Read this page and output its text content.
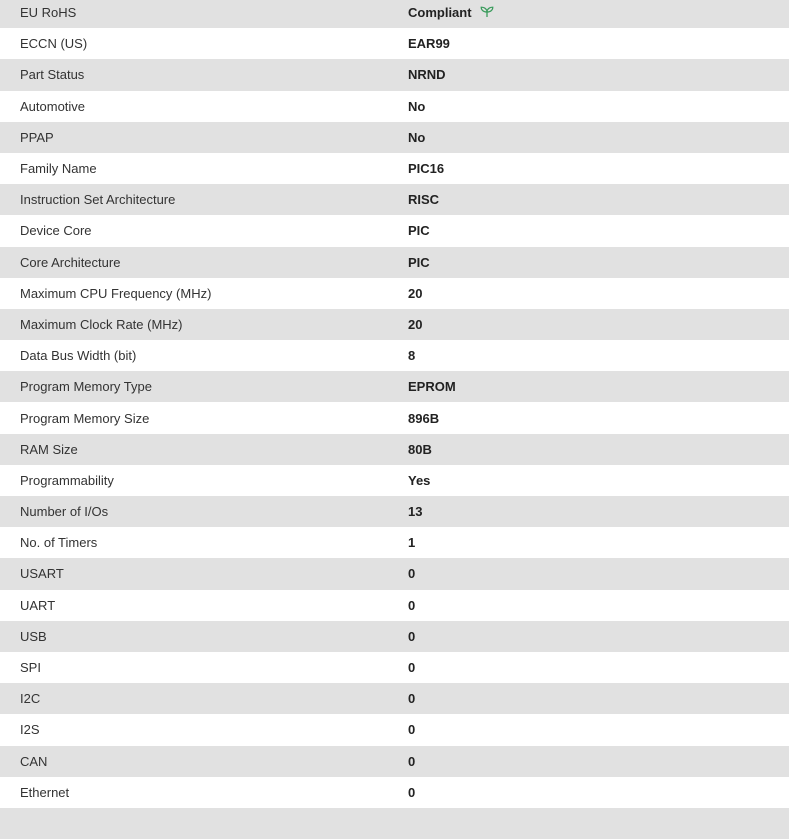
EU RoHS	Compliant
ECCN (US)	EAR99
Part Status	NRND
Automotive	No
PPAP	No
Family Name	PIC16
Instruction Set Architecture	RISC
Device Core	PIC
Core Architecture	PIC
Maximum CPU Frequency (MHz)	20
Maximum Clock Rate (MHz)	20
Data Bus Width (bit)	8
Program Memory Type	EPROM
Program Memory Size	896B
RAM Size	80B
Programmability	Yes
Number of I/Os	13
No. of Timers	1
USART	0
UART	0
USB	0
SPI	0
I2C	0
I2S	0
CAN	0
Ethernet	0
